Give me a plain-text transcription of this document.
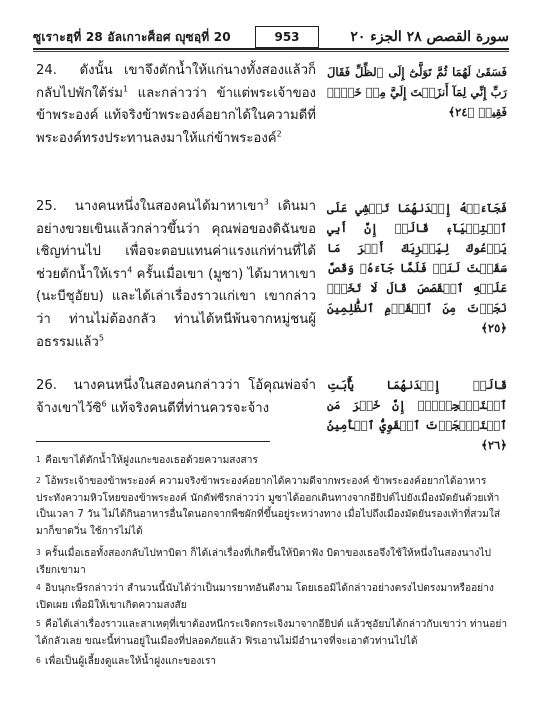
ซูเราะฮฺที่ 28 อัลเกาะศ็อศ ญุซอฺที่ 20	953	سورة القصص ٢٨ الجزء ٢٠
24. ดังนั้น เขาจึงตักน้ำให้แก่นางทั้งสองแล้วก็กลับไปพักใต้ร่ม$^1$ และกล่าวว่า ข้าแต่พระเจ้าของข้าพระองค์ แท้จริงข้าพระองค์อยากได้ในความดีที่พระองค์ทรงประทานลงมาให้แก่ข้าพระองค์$^2$
فَسَقَىٰ لَهُمَا ثُمَّ تَوَلَّىٰٓ إِلَى ٱلظِّلِّ فَقَالَ رَبِّ إِنِّي لِمَآ أَنزَلۡتَ إِلَيَّ مِنۡ خَيۡرٖ فَقِيرٞ ﴿٢٤﴾
25. นางคนหนึ่งในสองคนได้มาหาเขา$^3$ เดินมาอย่างขวยเขินแล้วกล่าวขึ้นว่า คุณพ่อของดิฉันขอเชิญท่านไป เพื่อจะตอบแทนค่าแรงแก่ท่านที่ได้ช่วยตักน้ำให้เรา$^4$ ครั้นเมื่อเขา (มูซา) ได้มาหาเขา (นะบีชุอัยบ) และได้เล่าเรื่องราวแก่เขา เขากล่าวว่า ท่านไม่ต้องกลัว ท่านได้หนีพ้นจากหมู่ชนผู้อธรรมแล้ว$^5$
فَجَآءَتۡهُ إِحۡدَىٰهُمَا تَمۡشِي عَلَى ٱسۡتِحۡيَآءٖ قَالَتۡ إِنَّ أَبِي يَدۡعُوكَ لِيَجۡزِيَكَ أَجۡرَ مَا سَقَيۡتَ لَنَاۚ فَلَمَّا جَآءَهُۥ وَقَصَّ عَلَيۡهِ ٱلۡقَصَصَ قَالَ لَا تَخَفۡۖ نَجَوۡتَ مِنَ ٱلۡقَوۡمِ ٱلظَّٰلِمِينَ ﴿٢٥﴾
26. นางคนหนึ่งในสองคนกล่าวว่า โอ้คุณพ่อจ๋า จ้างเขาไว้ซิ$^6$ แท้จริงคนดีที่ท่านควรจะจ้าง
قَالَتۡ إِحۡدَىٰهُمَا يَٰٓأَبَتِ ٱسۡتَـٔۡجِرۡهُۖ إِنَّ خَيۡرَ مَنِ ٱسۡتَـٔۡجَرۡتَ ٱلۡقَوِيُّ ٱلۡأَمِينُ ﴿٢٦﴾
1 คือเขาได้ตักน้ำให้ฝูงแกะของเธอด้วยความสงสาร
2 โอ้พระเจ้าของข้าพระองค์ ความจริงข้าพระองค์อยากได้ความดีจากพระองค์ ข้าพระองค์อยากได้อาหารประทังความหิวโหยของข้าพระองค์ นักตัฟซีรกล่าวว่า มูซาได้ออกเดินทางจากอียิปต์ไปยังเมืองมัดยันด้วยเท้า เป็นเวลา 7 วัน ไม่ได้กินอาหารอื่นใดนอกจากพืชผักที่ขึ้นอยู่ระหว่างทาง เมื่อไปถึงเมืองมัดยันรองเท้าที่สวมใส่มาก็ขาดวิ่น ใช้การไม่ได้
3 ครั้นเมื่อเธอทั้งสองกลับไปหาบิดา ก็ได้เล่าเรื่องที่เกิดขึ้นให้บิดาฟัง บิดาของเธอจึงใช้ให้หนึ่งในสองนางไปเรียกเขามา
4 อิบนุกะษีรกล่าวว่า สำนวนนี้นับได้ว่าเป็นมารยาทอันดีงาม โดยเธอมิได้กล่าวอย่างตรงไปตรงมาหรืออย่างเปิดเผย เพื่อมิให้เขาเกิดความสงสัย
5 คือได้เล่าเรื่องราวและสาเหตุที่เขาต้องหนีกระเจิดกระเจิงมาจากอียิปต์ แล้วชุอัยบได้กล่าวกับเขาว่า ท่านอย่าได้กลัวเลย ขณะนี้ท่านอยู่ในเมืองที่ปลอดภัยแล้ว ฟิรเอานไม่มีอำนาจที่จะเอาตัวท่านไปได้
6 เพื่อเป็นผู้เลี้ยงดูและให้น้ำฝูงแกะของเรา
